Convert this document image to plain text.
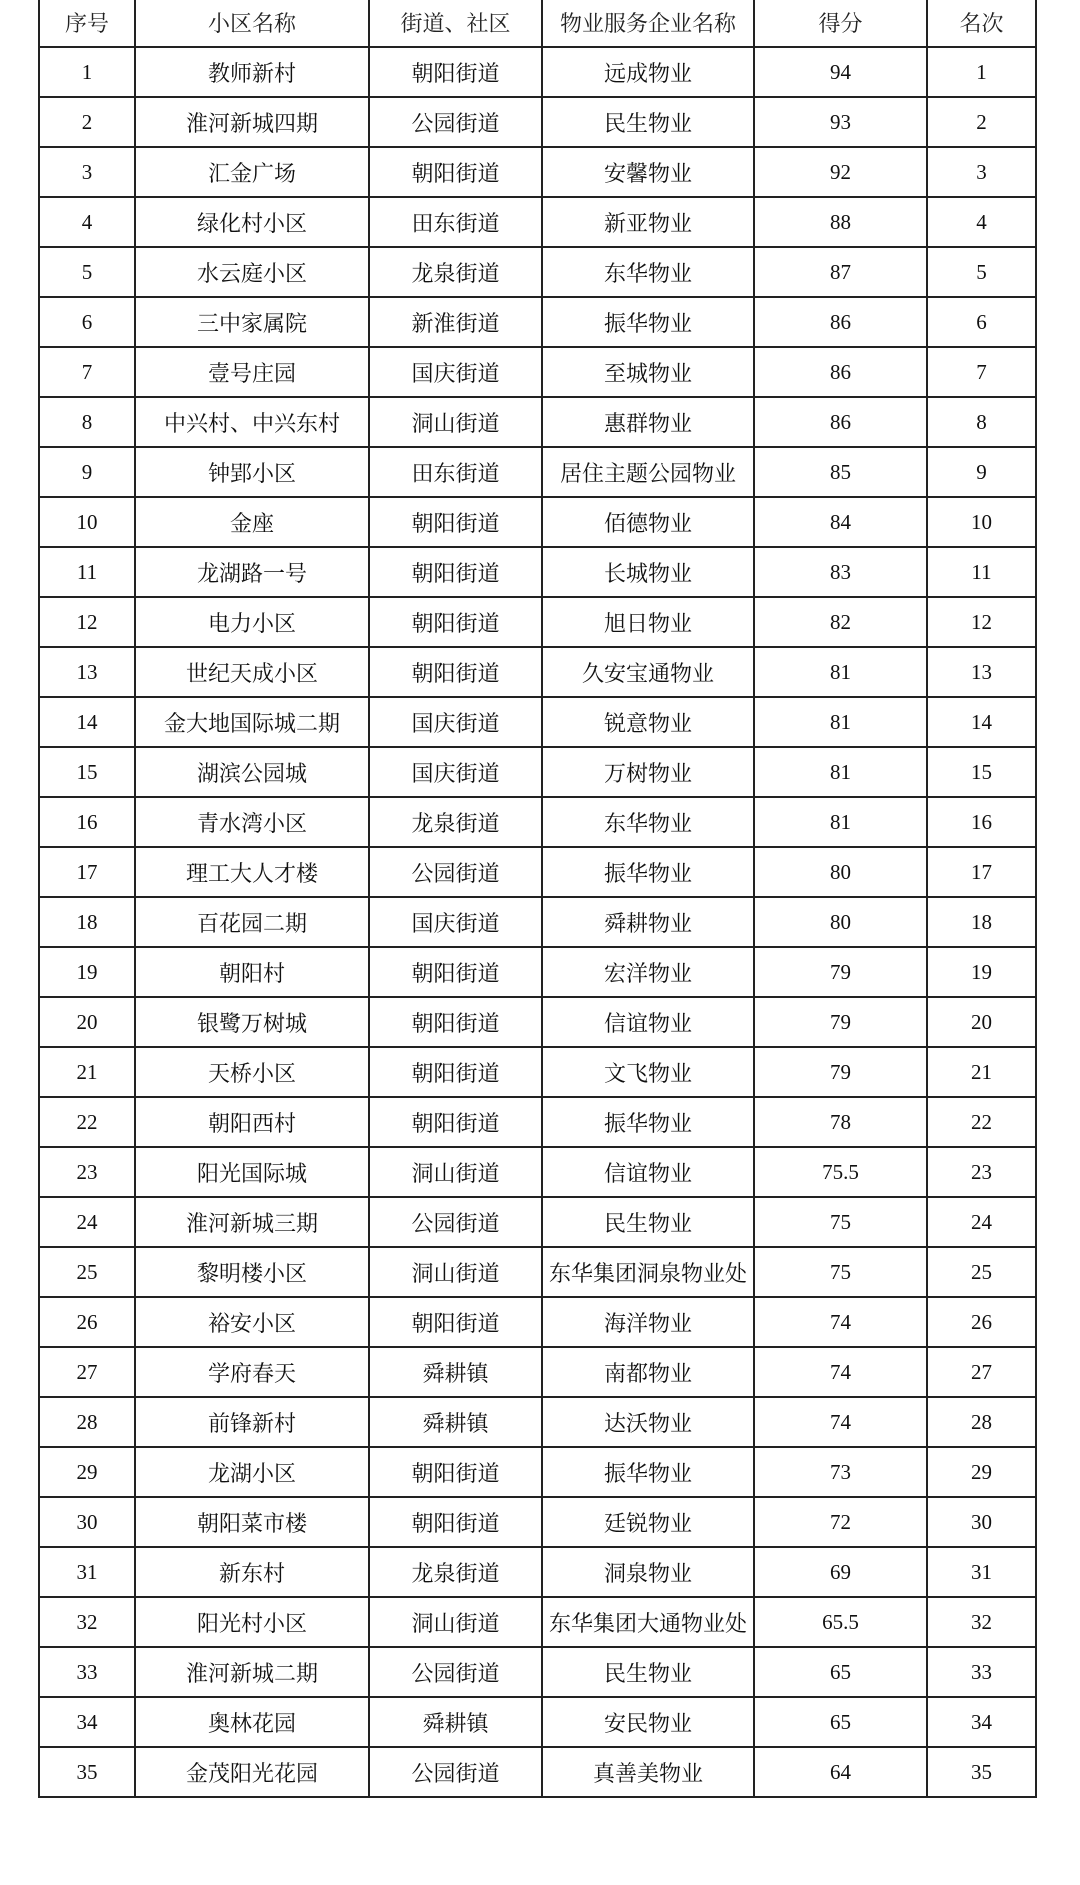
序号	小区名称	街道、社区	物业服务企业名称	得分	名次
1	教师新村	朝阳街道	远成物业	94	1
2	淮河新城四期	公园街道	民生物业	93	2
3	汇金广场	朝阳街道	安馨物业	92	3
4	绿化村小区	田东街道	新亚物业	88	4
5	水云庭小区	龙泉街道	东华物业	87	5
6	三中家属院	新淮街道	振华物业	86	6
7	壹号庄园	国庆街道	至城物业	86	7
8	中兴村、中兴东村	洞山街道	惠群物业	86	8
9	钟郢小区	田东街道	居住主题公园物业	85	9
10	金座	朝阳街道	佰德物业	84	10
11	龙湖路一号	朝阳街道	长城物业	83	11
12	电力小区	朝阳街道	旭日物业	82	12
13	世纪天成小区	朝阳街道	久安宝通物业	81	13
14	金大地国际城二期	国庆街道	锐意物业	81	14
15	湖滨公园城	国庆街道	万树物业	81	15
16	青水湾小区	龙泉街道	东华物业	81	16
17	理工大人才楼	公园街道	振华物业	80	17
18	百花园二期	国庆街道	舜耕物业	80	18
19	朝阳村	朝阳街道	宏洋物业	79	19
20	银鹭万树城	朝阳街道	信谊物业	79	20
21	天桥小区	朝阳街道	文飞物业	79	21
22	朝阳西村	朝阳街道	振华物业	78	22
23	阳光国际城	洞山街道	信谊物业	75.5	23
24	淮河新城三期	公园街道	民生物业	75	24
25	黎明楼小区	洞山街道	东华集团洞泉物业处	75	25
26	裕安小区	朝阳街道	海洋物业	74	26
27	学府春天	舜耕镇	南都物业	74	27
28	前锋新村	舜耕镇	达沃物业	74	28
29	龙湖小区	朝阳街道	振华物业	73	29
30	朝阳菜市楼	朝阳街道	廷锐物业	72	30
31	新东村	龙泉街道	洞泉物业	69	31
32	阳光村小区	洞山街道	东华集团大通物业处	65.5	32
33	淮河新城二期	公园街道	民生物业	65	33
34	奥林花园	舜耕镇	安民物业	65	34
35	金茂阳光花园	公园街道	真善美物业	64	35
